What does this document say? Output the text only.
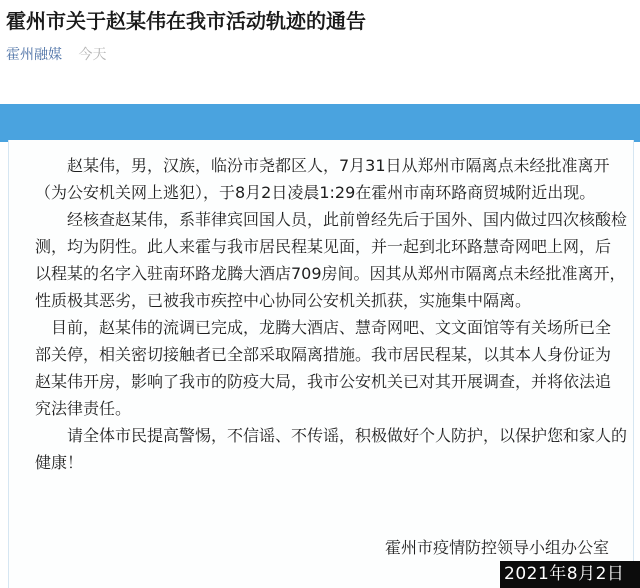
霍州市关于赵某伟在我市活动轨迹的通告
霍州融媒 今天

　　赵某伟，男，汉族，临汾市尧都区人，7月31日从郑州市隔离点未经批准离开
（为公安机关网上逃犯），于8月2日凌晨1:29在霍州市南环路商贸城附近出现。

　　经核查赵某伟，系菲律宾回国人员，此前曾经先后于国外、国内做过四次核酸检
测，均为阴性。此人来霍与我市居民程某见面，并一起到北环路慧奇网吧上网，后
以程某的名字入驻南环路龙腾大酒店709房间。因其从郑州市隔离点未经批准离开，
性质极其恶劣，已被我市疾控中心协同公安机关抓获，实施集中隔离。

　目前，赵某伟的流调已完成，龙腾大酒店、慧奇网吧、文文面馆等有关场所已全
部关停，相关密切接触者已全部采取隔离措施。我市居民程某，以其本人身份证为
赵某伟开房，影响了我市的防疫大局，我市公安机关已对其开展调查，并将依法追
究法律责任。

　　请全体市民提高警惕，不信谣、不传谣，积极做好个人防护，以保护您和家人的
健康！

霍州市疫情防控领导小组办公室
2021年8月2日
